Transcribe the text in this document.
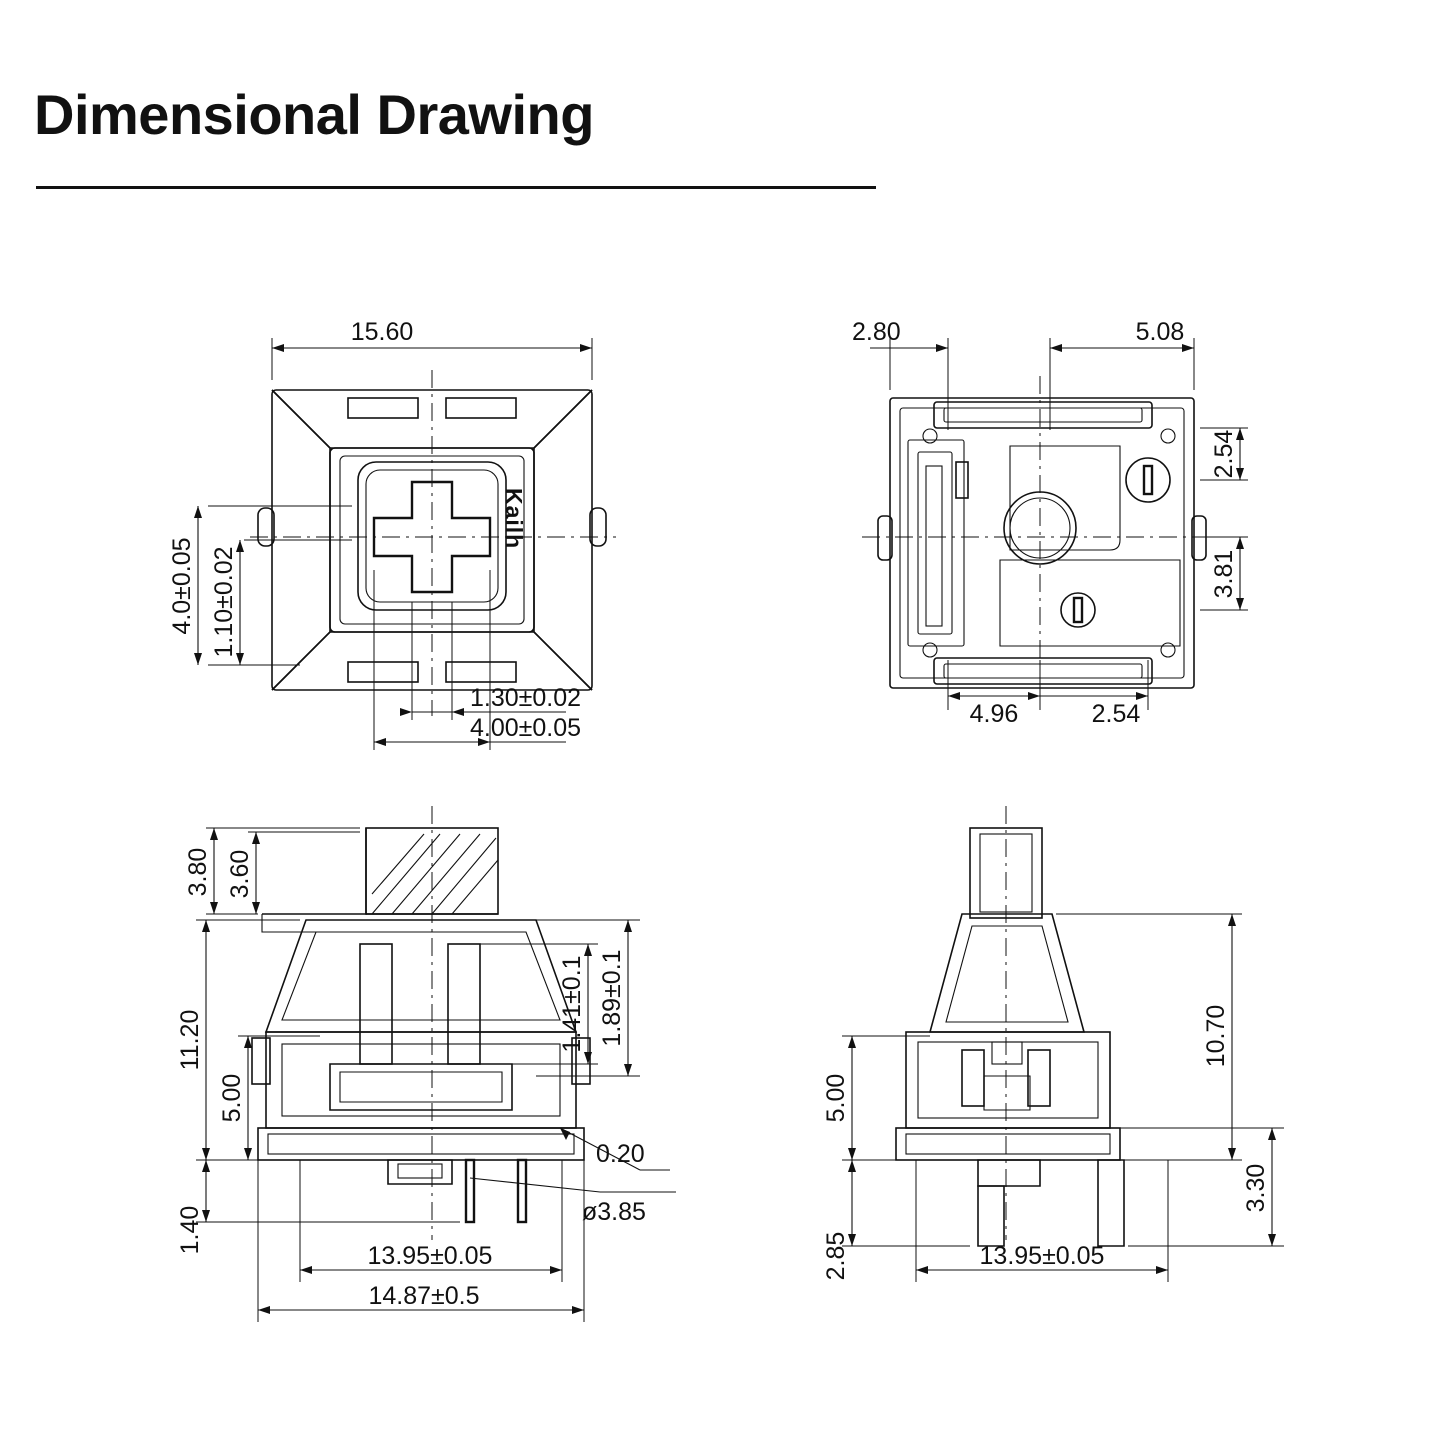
Dimensional Drawing
Kailh
15.60
4.0±0.05 1.10±0.02
1.30±0.02
4.00±0.05
2.80	5.08
2.54
3.81
4.96	2.54
3.80 3.60
11.20
5.00
1.40
1.41±0.1 1.89±0.1
0.20
ø3.85
13.95±0.05
14.87±0.5
10.70
3.30
5.00
2.85	13.95±0.05
